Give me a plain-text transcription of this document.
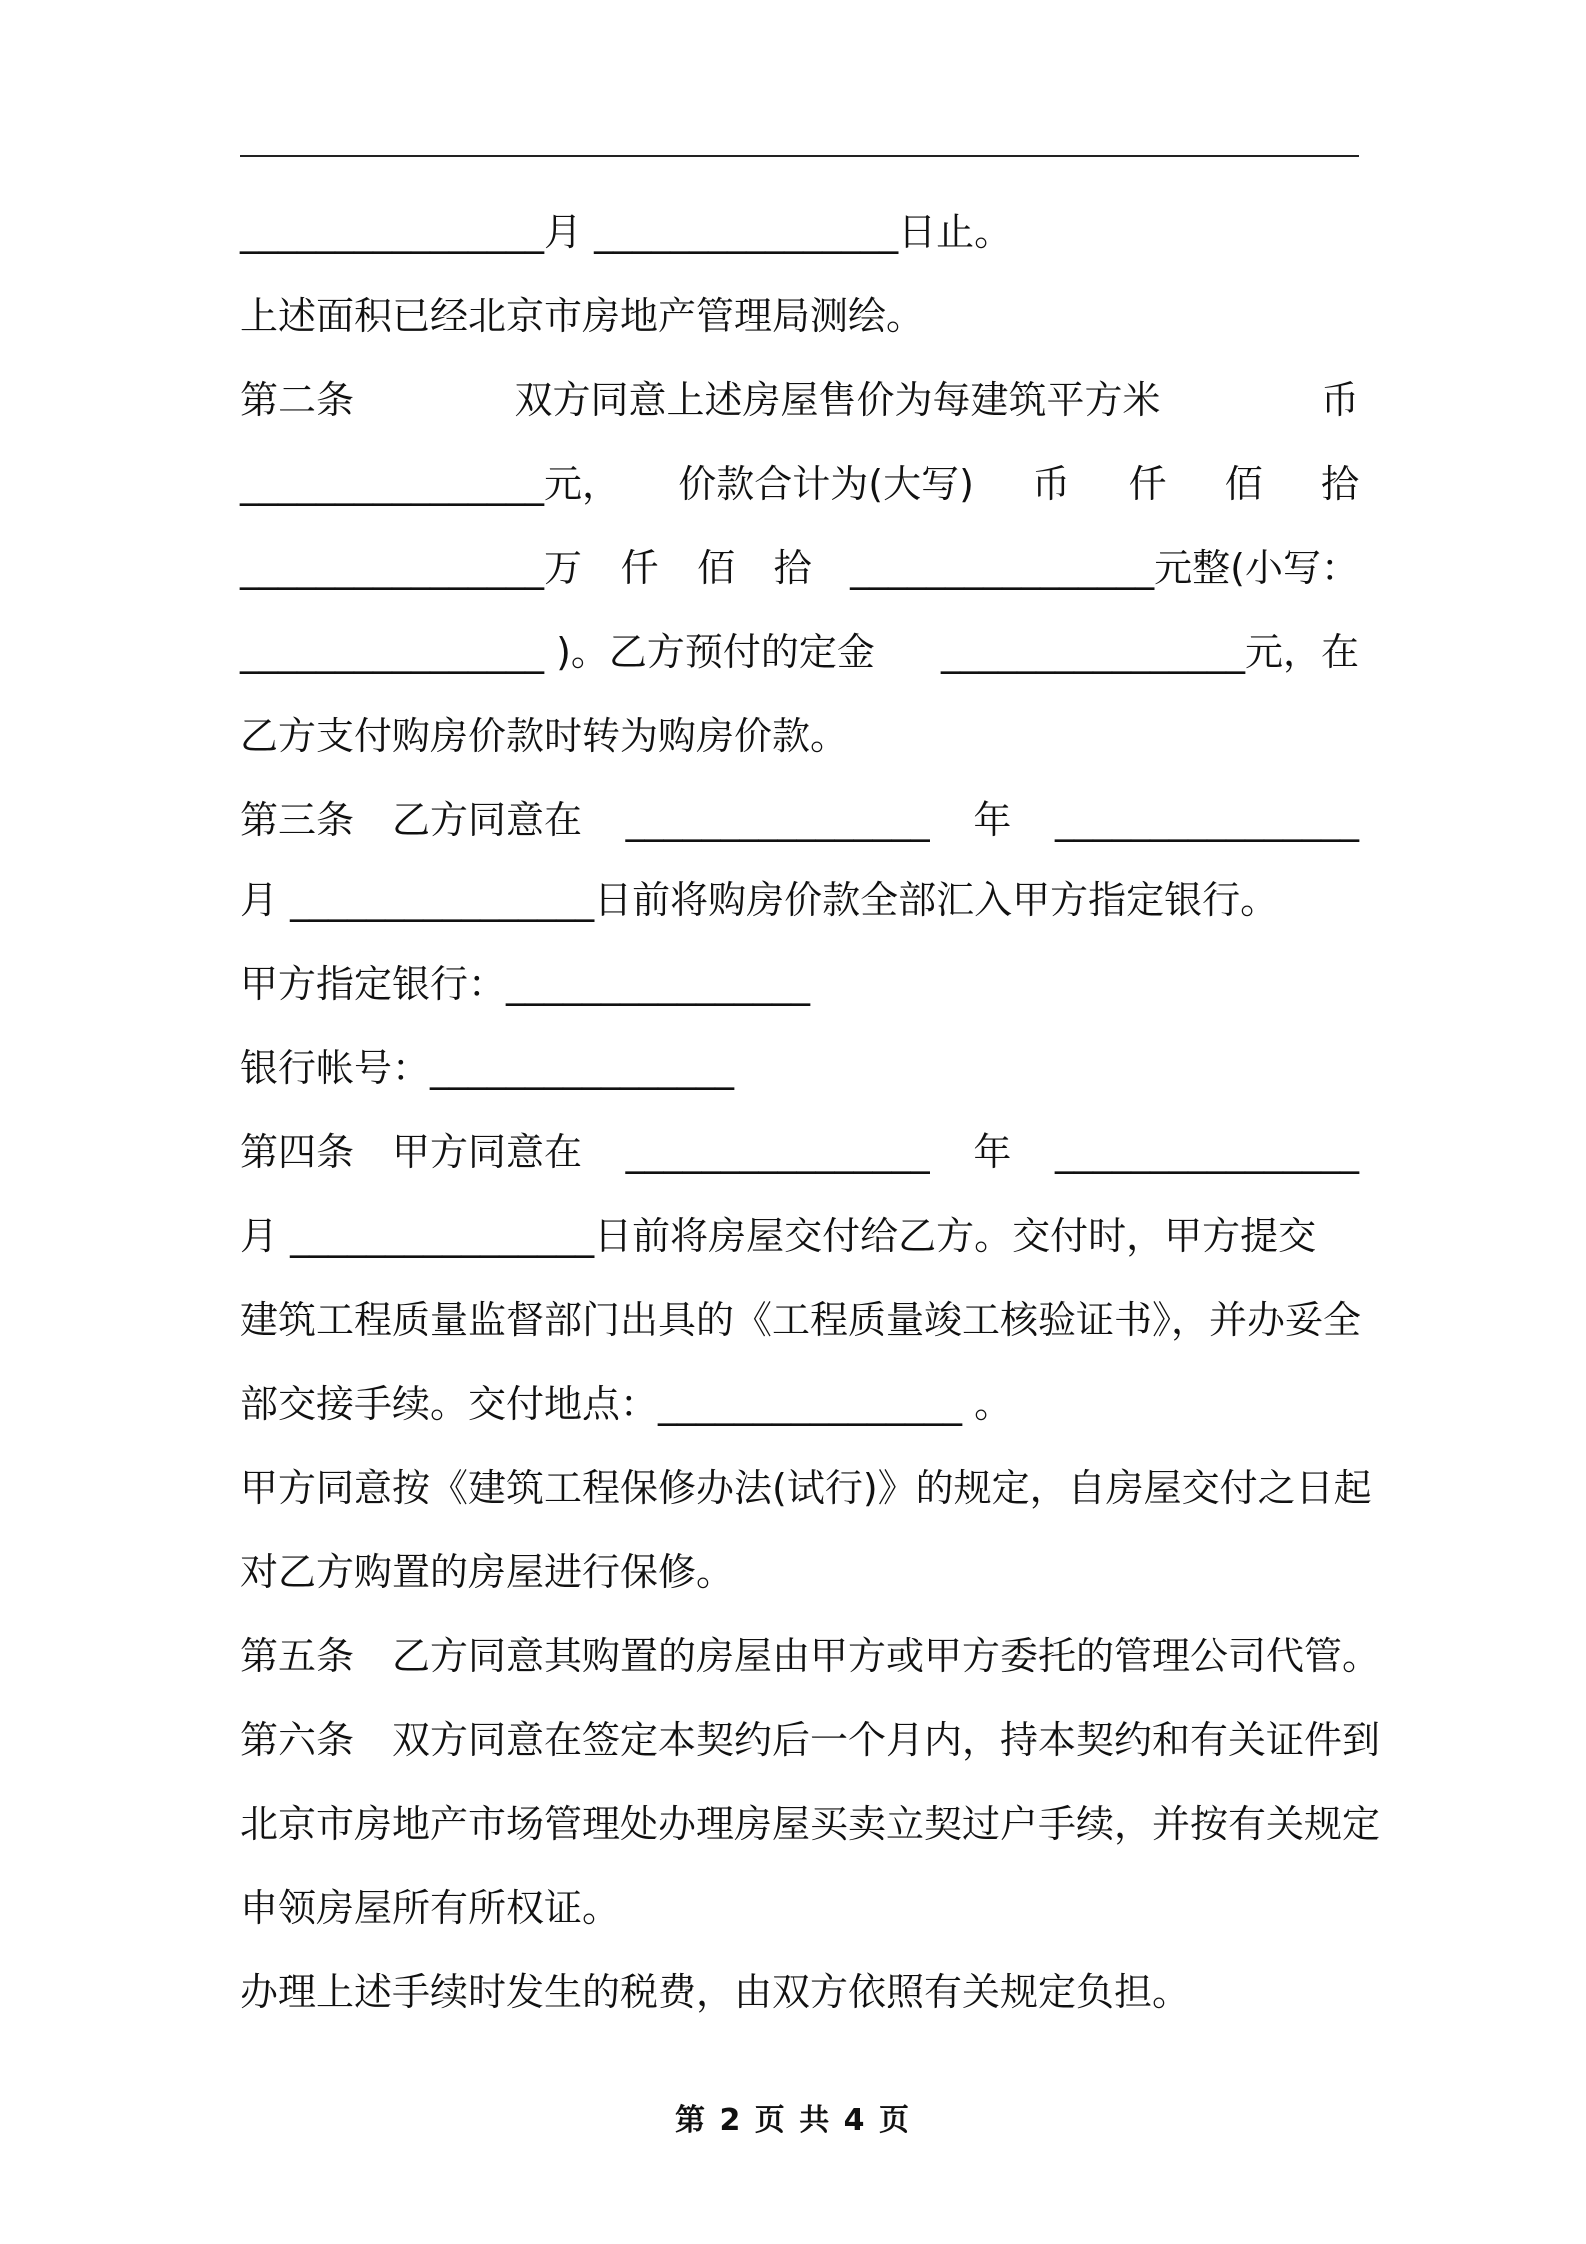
________________月 ________________日止。
上述面积已经北京市房地产管理局测绘。
第二条	双方同意上述房屋售价为每建筑平方米	币
________________元， 价款合计为(大写) 币 仟 佰 拾
________________万 仟 佰 拾 ________________元整(小写：
________________ )。乙方预付的定金 ________________元，在
乙方支付购房价款时转为购房价款。
第三条　乙方同意在 ________________ 年 ________________
月 ________________日前将购房价款全部汇入甲方指定银行。
甲方指定银行：________________
银行帐号：________________
第四条　甲方同意在 ________________ 年 ________________
月 ________________日前将房屋交付给乙方。交付时，甲方提交
建筑工程质量监督部门出具的《工程质量竣工核验证书》，并办妥全
部交接手续。交付地点：________________ 。
甲方同意按《建筑工程保修办法(试行)》的规定，自房屋交付之日起
对乙方购置的房屋进行保修。
第五条　乙方同意其购置的房屋由甲方或甲方委托的管理公司代管。
第六条　双方同意在签定本契约后一个月内，持本契约和有关证件到
北京市房地产市场管理处办理房屋买卖立契过户手续，并按有关规定
申领房屋所有所权证。
办理上述手续时发生的税费，由双方依照有关规定负担。
第 2 页 共 4 页
